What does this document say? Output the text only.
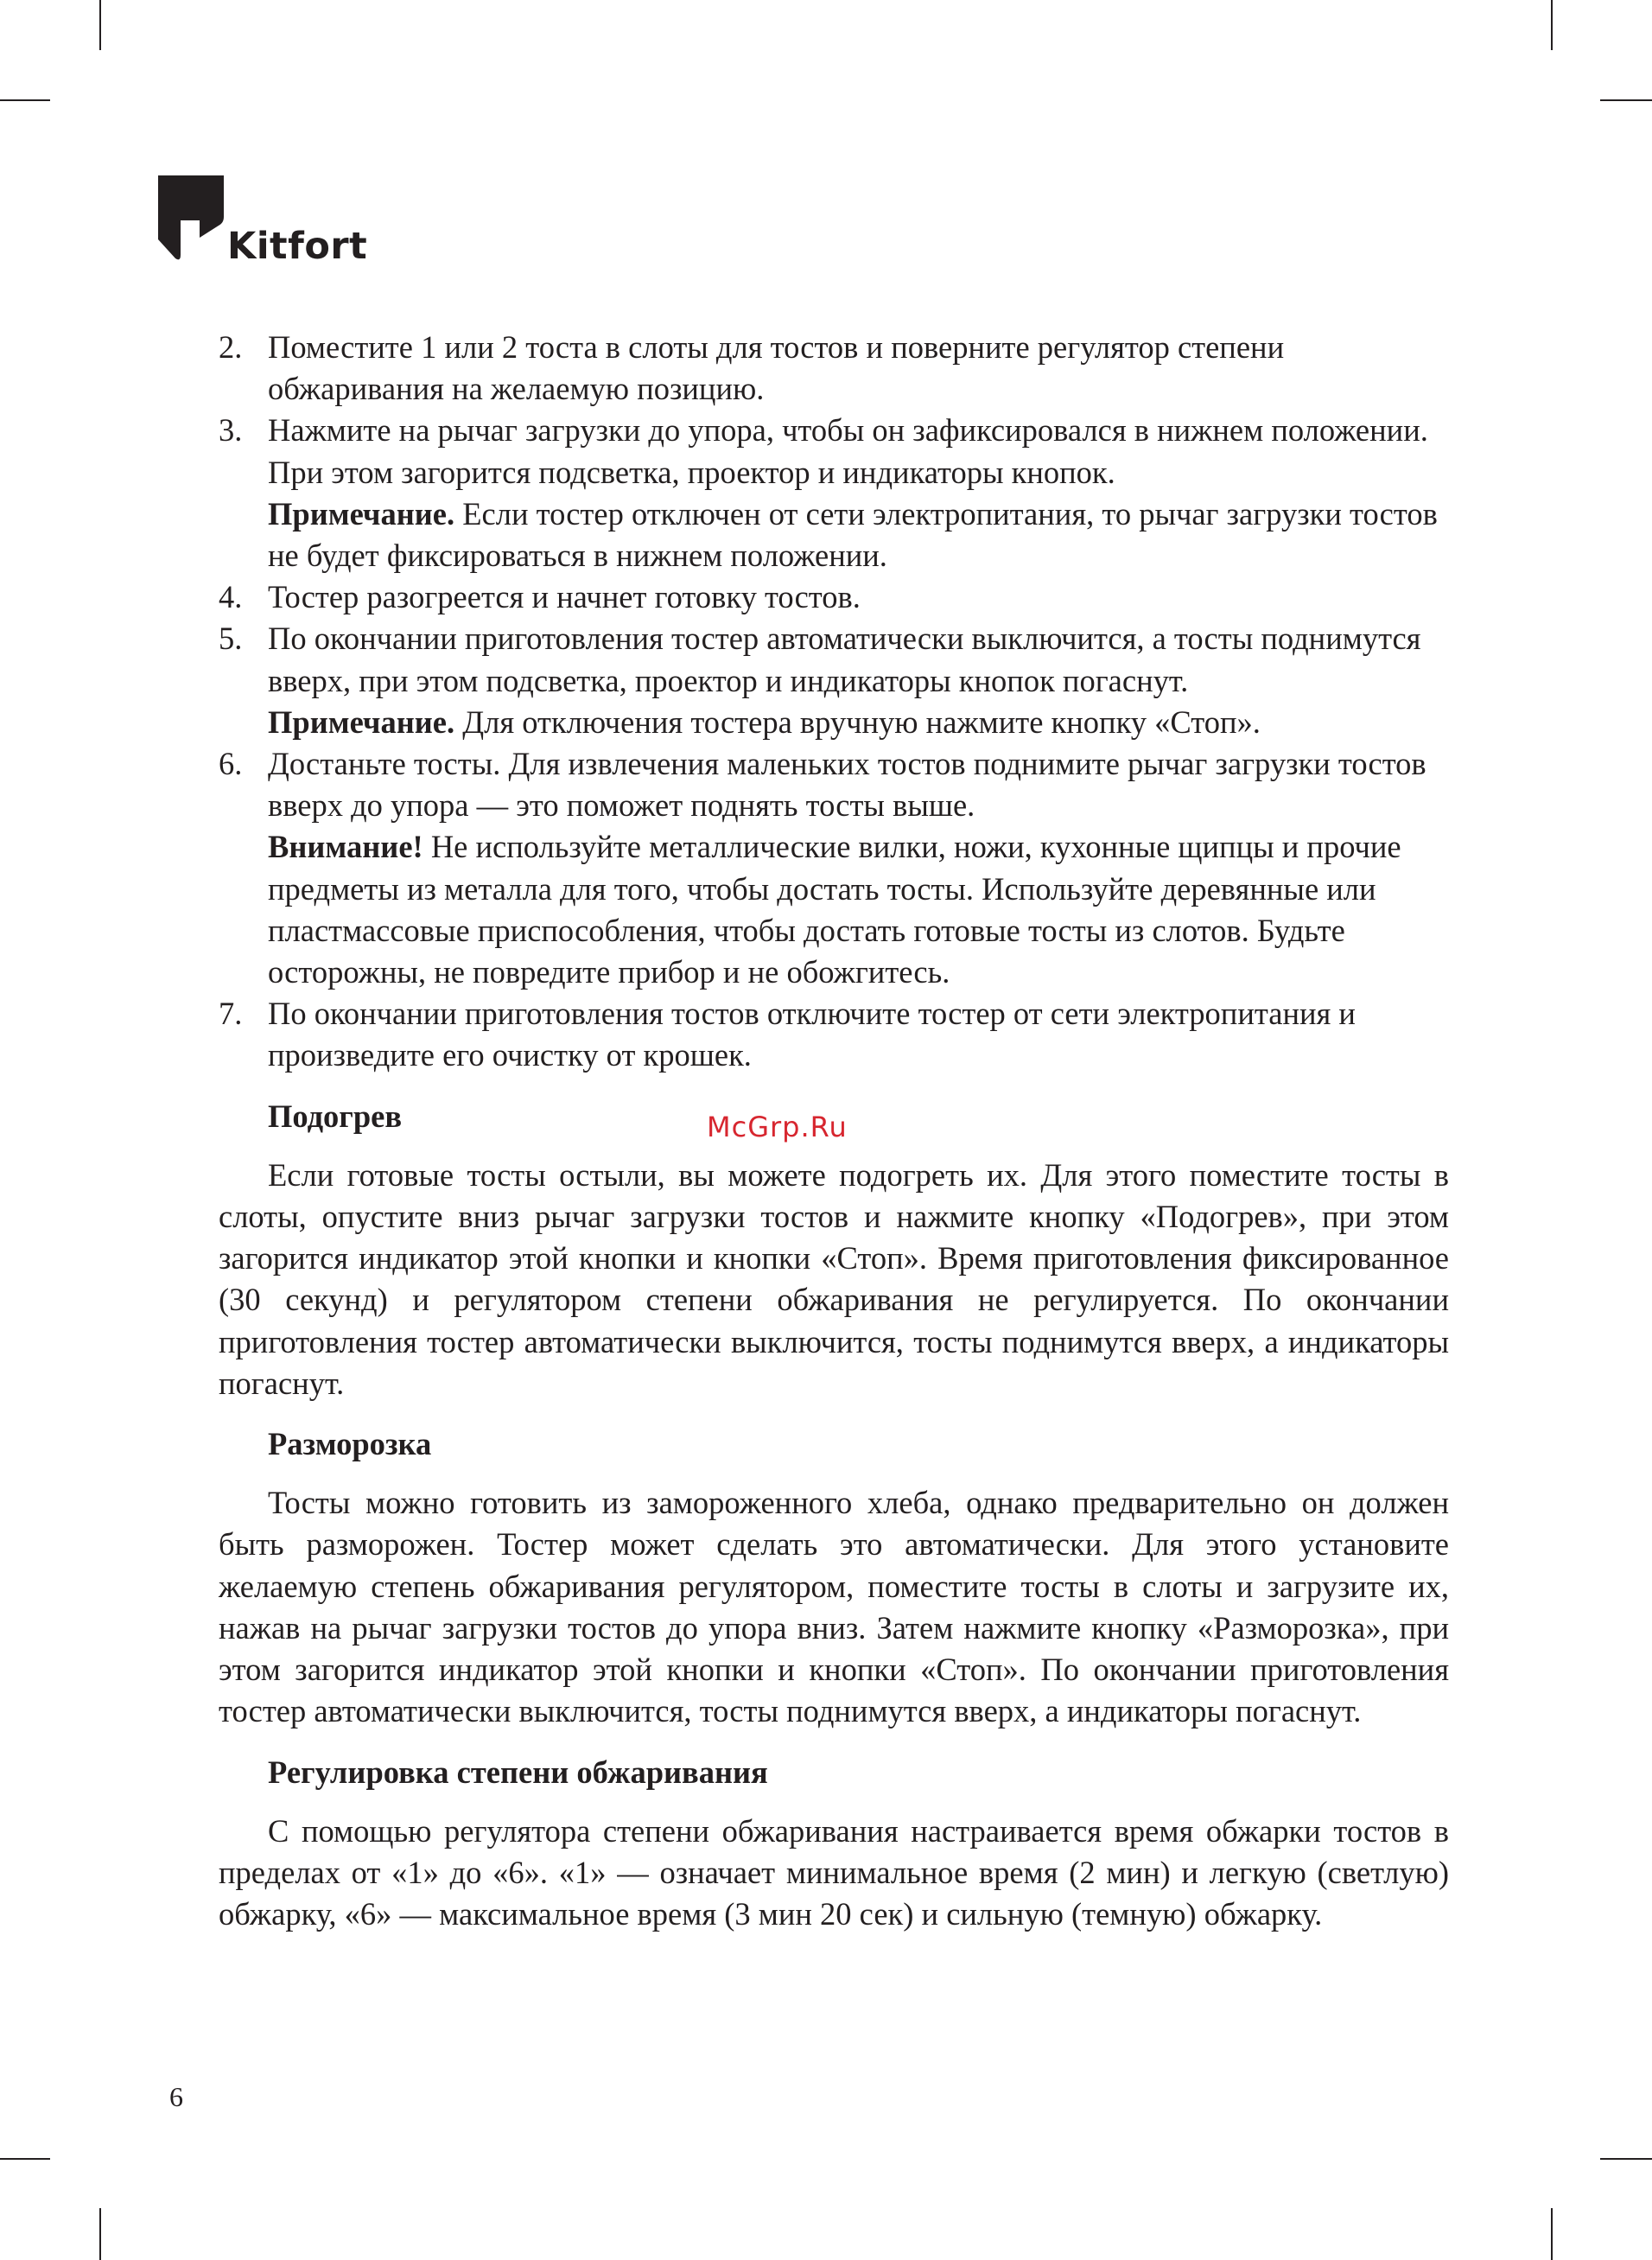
Kitfort
2. Поместите 1 или 2 тоста в слоты для тостов и поверните регулятор степени обжаривания на желаемую позицию.
3. Нажмите на рычаг загрузки до упора, чтобы он зафиксировался в нижнем положении. При этом загорится подсветка, проектор и индикаторы кнопок.
Примечание. Если тостер отключен от сети электропитания, то рычаг загрузки тостов не будет фиксироваться в нижнем положении.
4. Тостер разогреется и начнет готовку тостов.
5. По окончании приготовления тостер автоматически выключится, а тосты поднимутся вверх, при этом подсветка, проектор и индикаторы кнопок погаснут.
Примечание. Для отключения тостера вручную нажмите кнопку «Стоп».
6. Достаньте тосты. Для извлечения маленьких тостов поднимите рычаг загрузки тостов вверх до упора — это поможет поднять тосты выше.
Внимание! Не используйте металлические вилки, ножи, кухонные щипцы и прочие предметы из металла для того, чтобы достать тосты. Используйте деревянные или пластмассовые приспособления, чтобы достать готовые тосты из слотов. Будьте осторожны, не повредите прибор и не обожгитесь.
7. По окончании приготовления тостов отключите тостер от сети электропитания и произведите его очистку от крошек.

Подогрев

Если готовые тосты остыли, вы можете подогреть их. Для этого поместите тосты в слоты, опустите вниз рычаг загрузки тостов и нажмите кнопку «Подогрев», при этом загорится индикатор этой кнопки и кнопки «Стоп». Время приготовления фиксированное (30 секунд) и регулятором степени обжаривания не регулируется. По окончании приготовления тостер автоматически выключится, тосты поднимутся вверх, а индикаторы погаснут.

Разморозка

Тосты можно готовить из замороженного хлеба, однако предварительно он должен быть разморожен. Тостер может сделать это автоматически. Для этого установите желаемую степень обжаривания регулятором, поместите тосты в слоты и загрузите их, нажав на рычаг загрузки тостов до упора вниз. Затем нажмите кнопку «Разморозка», при этом загорится индикатор этой кнопки и кнопки «Стоп». По окончании приготовления тостер автоматически выключится, тосты поднимутся вверх, а индикаторы погаснут.

Регулировка степени обжаривания

С помощью регулятора степени обжаривания настраивается время обжарки тостов в пределах от «1» до «6». «1» — означает минимальное время (2 мин) и легкую (светлую) обжарку, «6» — максимальное время (3 мин 20 сек) и сильную (темную) обжарку.

McGrp.Ru
6
